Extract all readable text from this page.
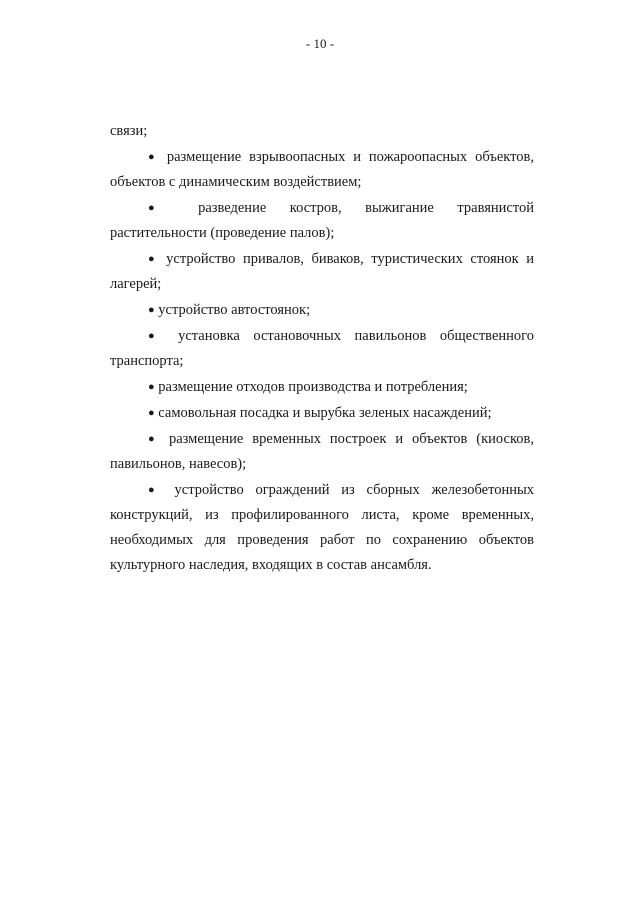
- 10 -

связи;

● размещение взрывоопасных и пожароопасных объектов, объектов с динамическим воздействием;

● разведение костров, выжигание травянистой растительности (проведение палов);

● устройство привалов, биваков, туристических стоянок и лагерей;

● устройство автостоянок;

● установка остановочных павильонов общественного транспорта;

● размещение отходов производства и потребления;

● самовольная посадка и вырубка зеленых насаждений;

● размещение временных построек и объектов (киосков, павильонов, навесов);

● устройство ограждений из сборных железобетонных конструкций, из профилированного листа, кроме временных, необходимых для проведения работ по сохранению объектов культурного наследия, входящих в состав ансамбля.
